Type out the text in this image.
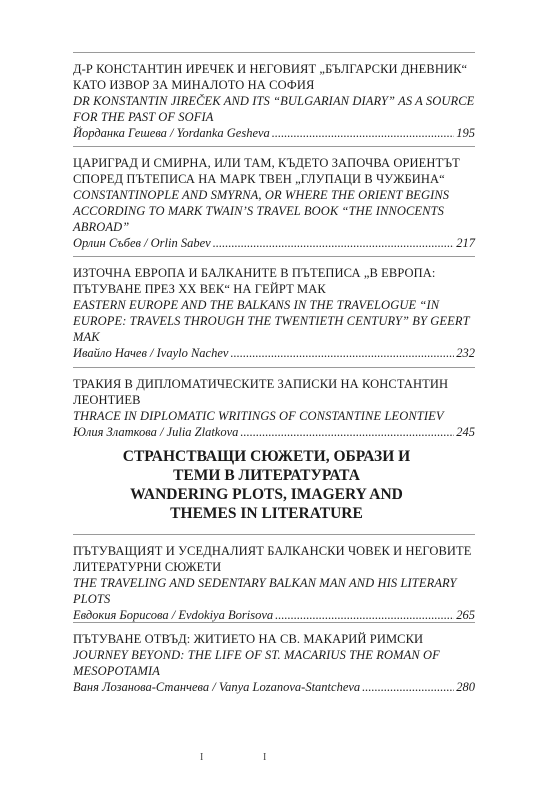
Д-Р КОНСТАНТИН ИРЕЧЕК И НЕГОВИЯТ „БЪЛГАРСКИ ДНЕВНИК“
КАТО ИЗВОР ЗА МИНАЛОТО НА СОФИЯ
DR KONSTANTIN JIREČEK AND ITS “BULGARIAN DIARY” AS A SOURCE
FOR THE PAST OF SOFIA
Йорданка Гешева / Yordanka Gesheva .....	195
ЦАРИГРАД И СМИРНА, ИЛИ ТАМ, КЪДЕТО ЗАПОЧВА ОРИЕНТЪТ
СПОРЕД ПЪТЕПИСА НА МАРК ТВЕН „ГЛУПАЦИ В ЧУЖБИНА“
CONSTANTINOPLE AND SMYRNA, OR WHERE THE ORIENT BEGINS
ACCORDING TO MARK TWAIN’S TRAVEL BOOK “THE INNOCENTS
ABROAD”
Орлин Събев / Orlin Sabev .....	217
ИЗТОЧНА ЕВРОПА И БАЛКАНИТЕ В ПЪТЕПИСА „В ЕВРОПА:
ПЪТУВАНЕ ПРЕЗ XX ВЕК“ НА ГЕЙРТ МАК
EASTERN EUROPE AND THE BALKANS IN THE TRAVELOGUE “IN
EUROPE: TRAVELS THROUGH THE TWENTIETH CENTURY” BY GEERT
MAK
Ивайло Начев / Ivaylo Nachev .....	232
ТРАКИЯ В ДИПЛОМАТИЧЕСКИТЕ ЗАПИСКИ НА КОНСТАНТИН
ЛЕОНТИЕВ
THRACE IN DIPLOMATIC WRITINGS OF CONSTANTINE LEONTIEV
Юлия Златкова / Julia Zlatkova .....	245
СТРАНСТВАЩИ СЮЖЕТИ, ОБРАЗИ И
ТЕМИ В ЛИТЕРАТУРАТА
WANDERING PLOTS, IMAGERY AND
THEMES IN LITERATURE
ПЪТУВАЩИЯТ И УСЕДНАЛИЯТ БАЛКАНСКИ ЧОВЕК И НЕГОВИТЕ
ЛИТЕРАТУРНИ СЮЖЕТИ
THE TRAVELING AND SEDENTARY BALKAN MAN AND HIS LITERARY
PLOTS
Евдокия Борисова / Evdokiya Borisova .....	265
ПЪТУВАНЕ ОТВЪД: ЖИТИЕТО НА СВ. МАКАРИЙ РИМСКИ
JOURNEY BEYOND: THE LIFE OF ST. MACARIUS THE ROMAN OF
MESOPOTAMIA
Ваня Лозанова-Станчева / Vanya Lozanova-Stantcheva .....	280
I	I
